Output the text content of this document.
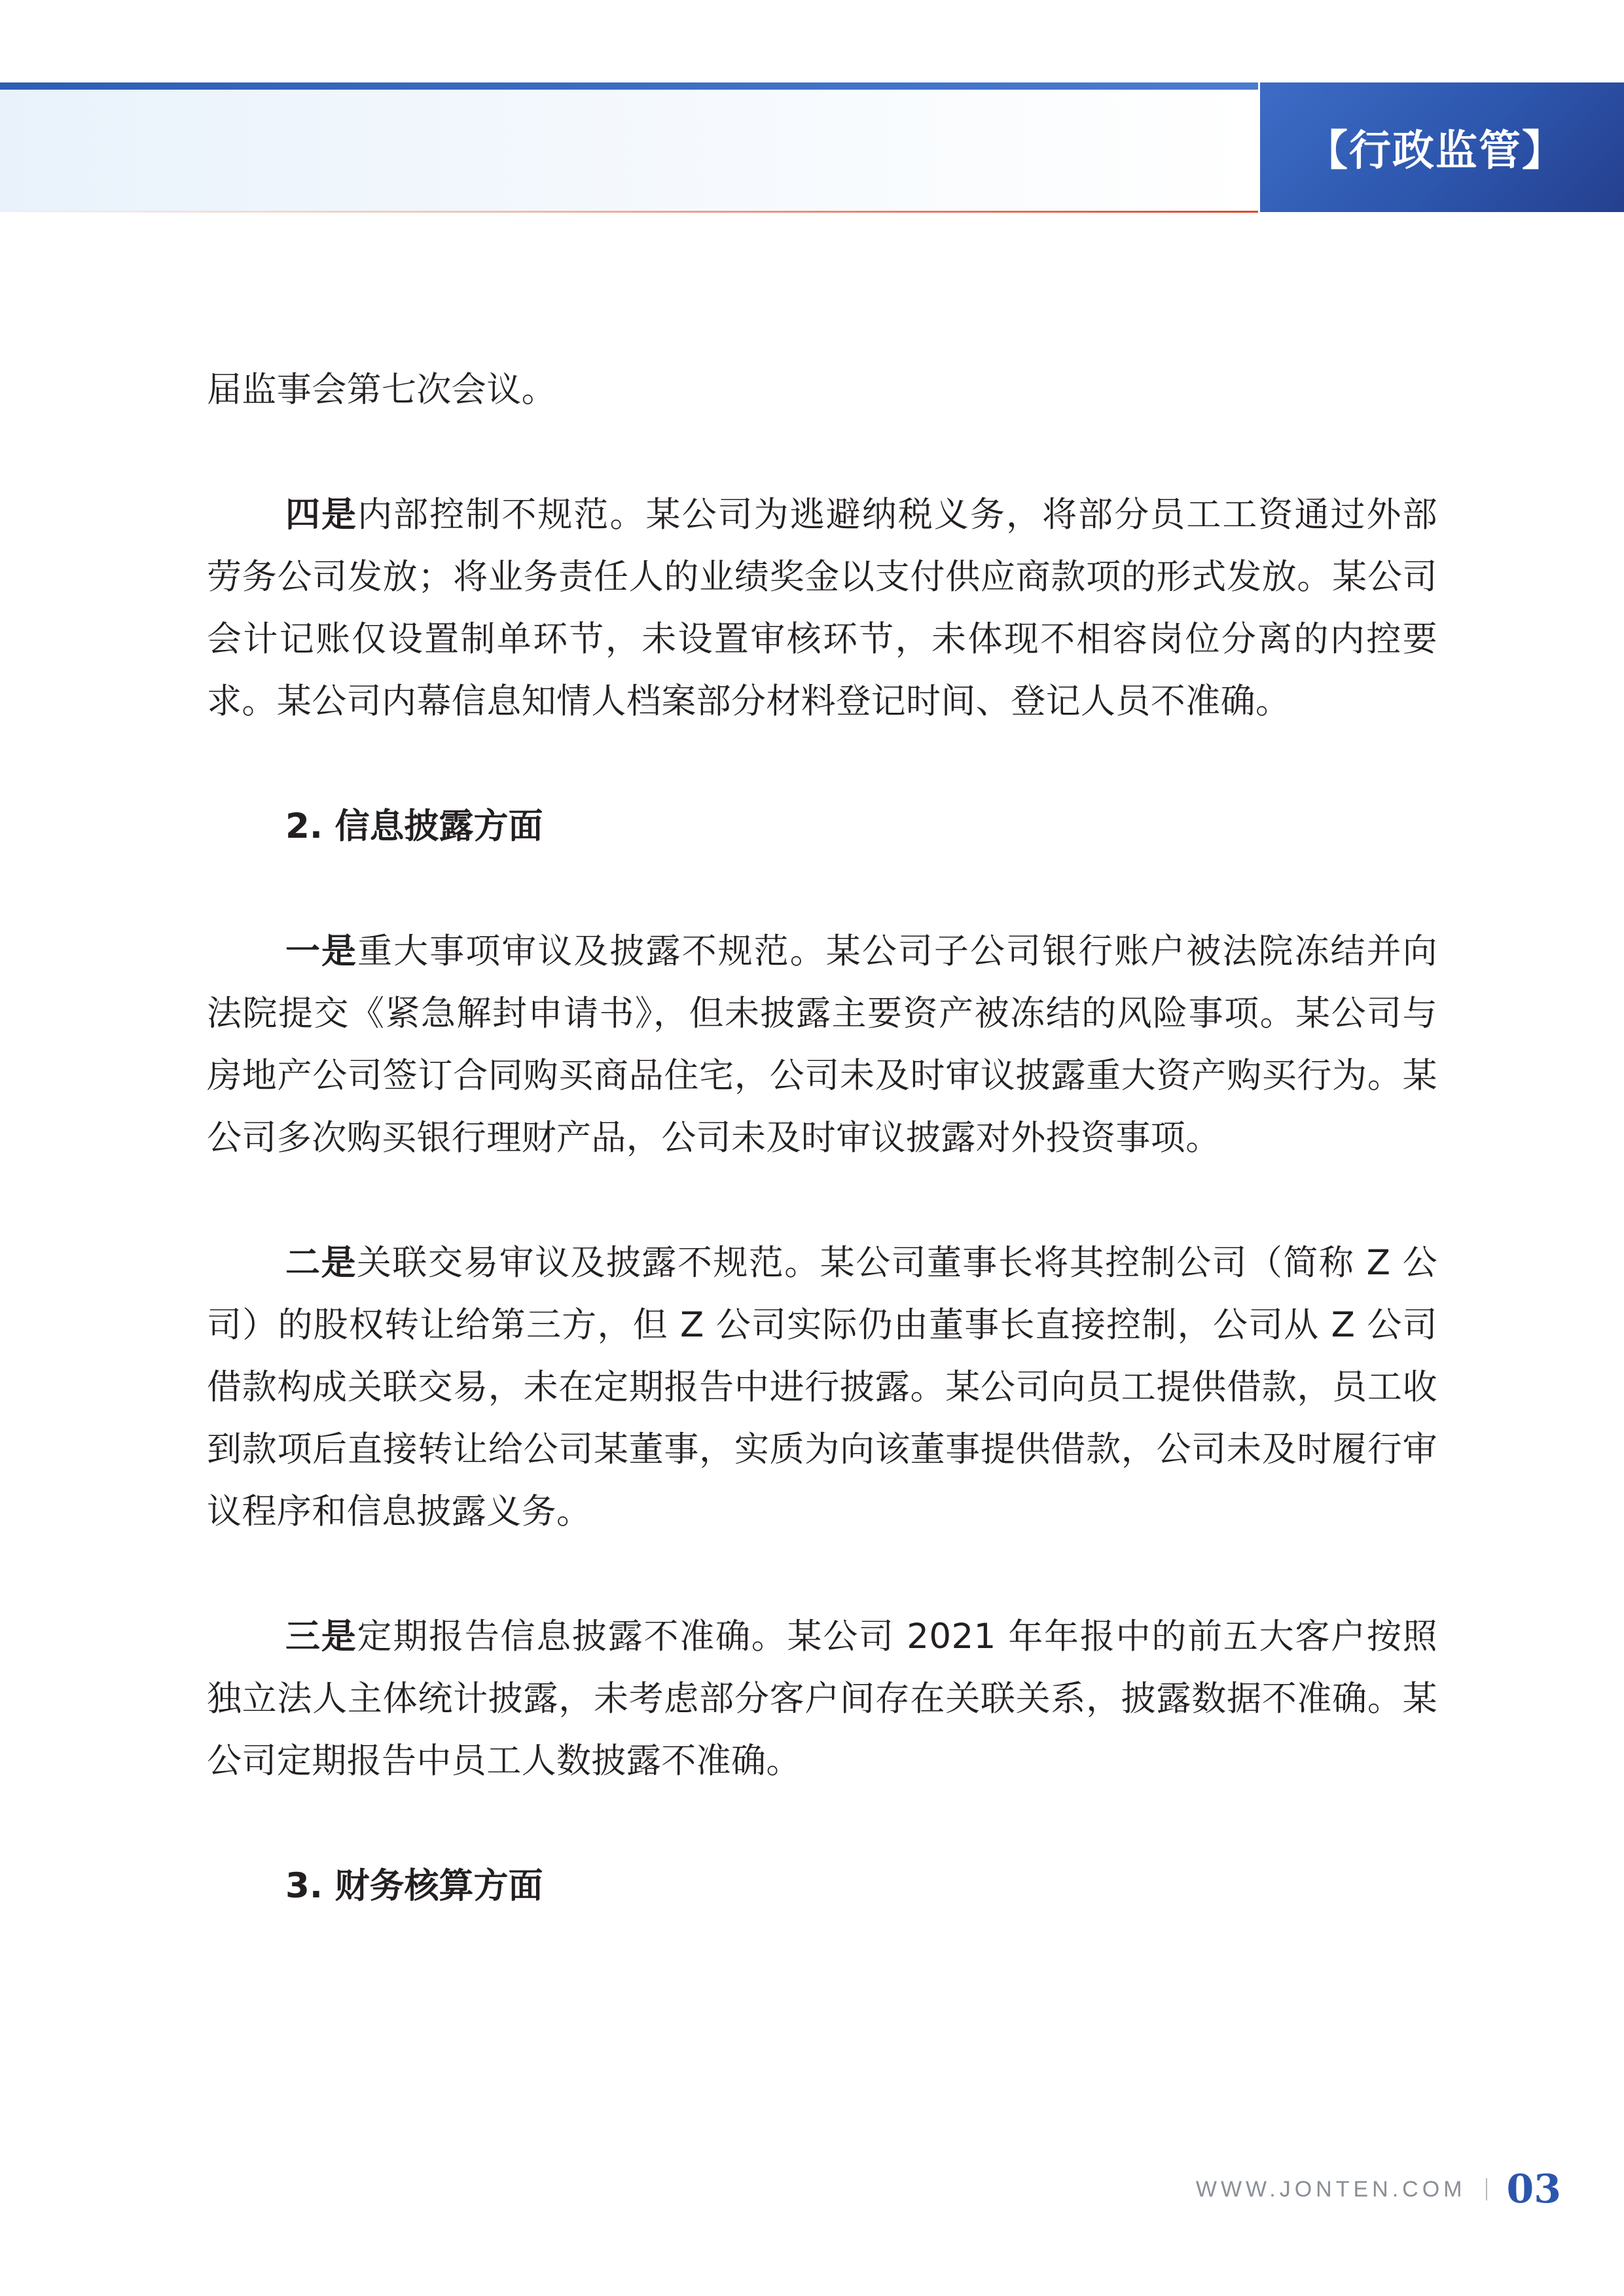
【行政监管】

届监事会第七次会议。

四是内部控制不规范。某公司为逃避纳税义务，将部分员工工资通过外部劳务公司发放；将业务责任人的业绩奖金以支付供应商款项的形式发放。某公司会计记账仅设置制单环节，未设置审核环节，未体现不相容岗位分离的内控要求。某公司内幕信息知情人档案部分材料登记时间、登记人员不准确。

2. 信息披露方面

一是重大事项审议及披露不规范。某公司子公司银行账户被法院冻结并向法院提交《紧急解封申请书》，但未披露主要资产被冻结的风险事项。某公司与房地产公司签订合同购买商品住宅，公司未及时审议披露重大资产购买行为。某公司多次购买银行理财产品，公司未及时审议披露对外投资事项。

二是关联交易审议及披露不规范。某公司董事长将其控制公司（简称 Z 公司）的股权转让给第三方，但 Z 公司实际仍由董事长直接控制，公司从 Z 公司借款构成关联交易，未在定期报告中进行披露。某公司向员工提供借款，员工收到款项后直接转让给公司某董事，实质为向该董事提供借款，公司未及时履行审议程序和信息披露义务。

三是定期报告信息披露不准确。某公司 2021 年年报中的前五大客户按照独立法人主体统计披露，未考虑部分客户间存在关联关系，披露数据不准确。某公司定期报告中员工人数披露不准确。

3. 财务核算方面
WWW.JONTEN.COM 03
